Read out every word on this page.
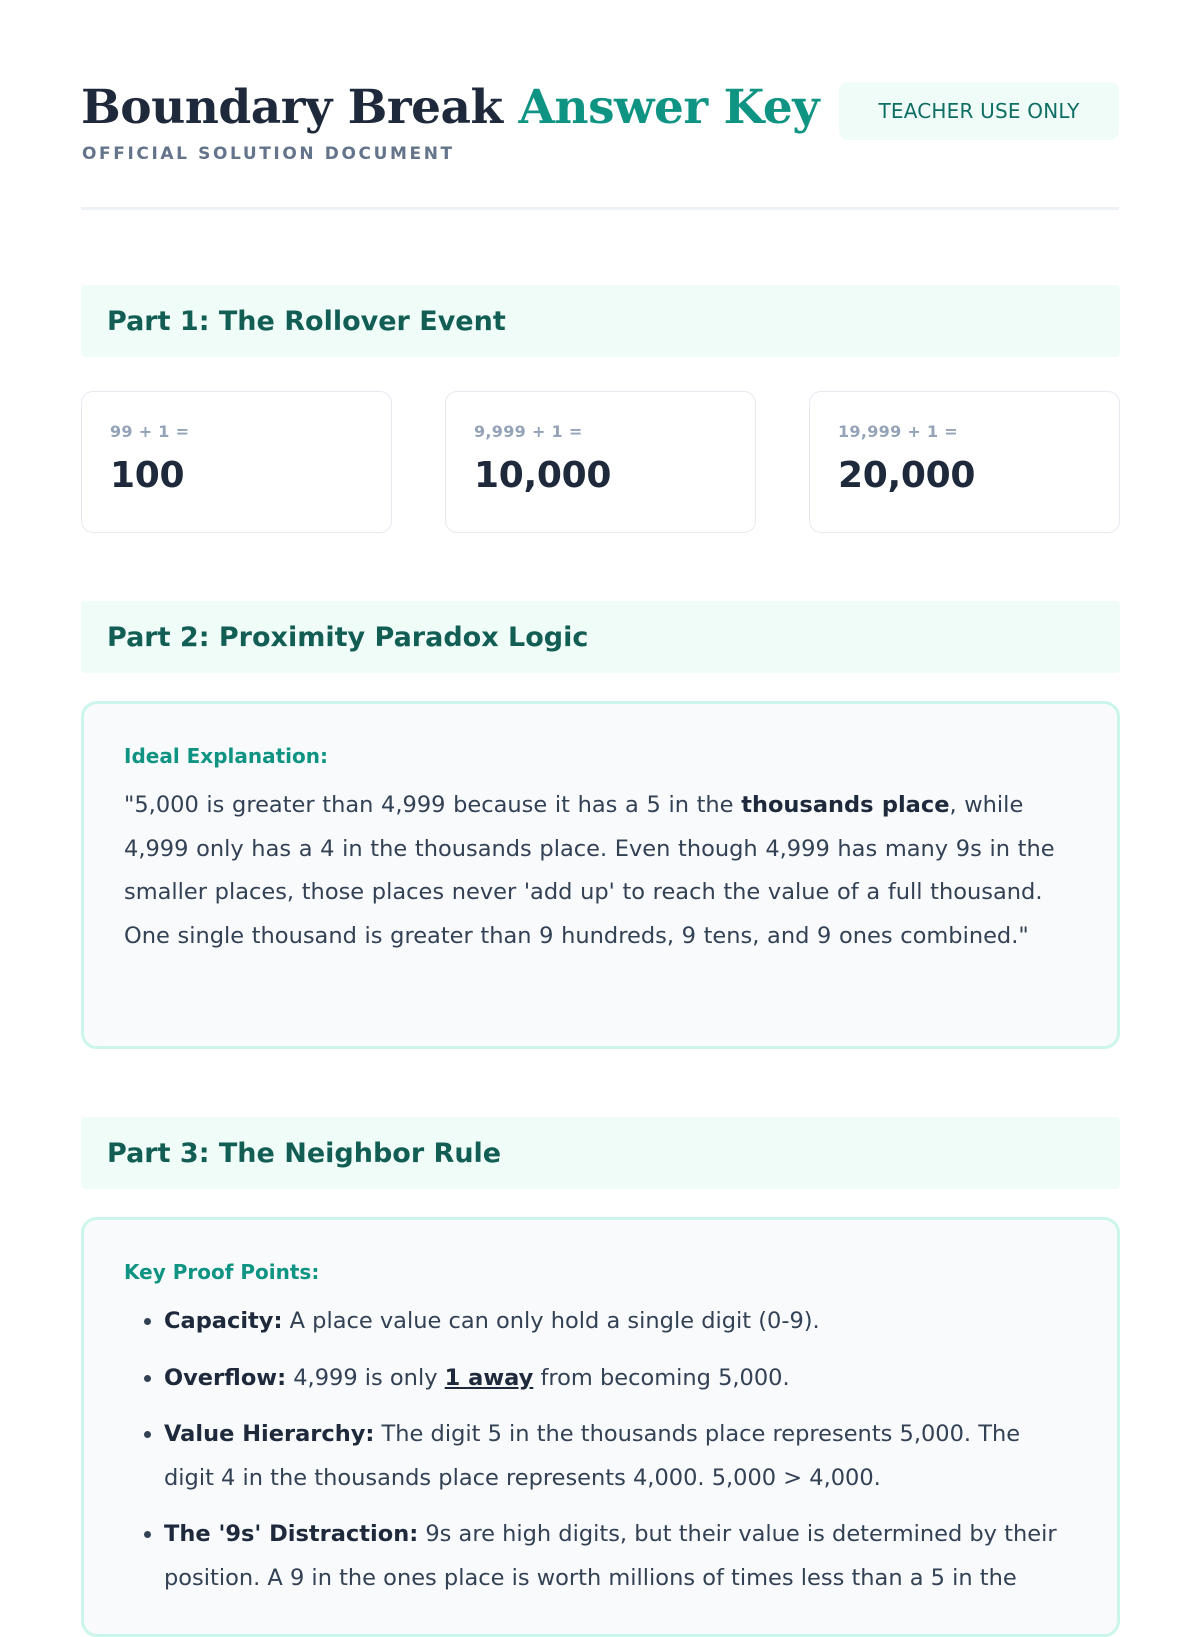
Boundary Break Answer Key
OFFICIAL SOLUTION DOCUMENT
TEACHER USE ONLY
Part 1: The Rollover Event
99 + 1 =
100
9,999 + 1 =
10,000
19,999 + 1 =
20,000
Part 2: Proximity Paradox Logic
Ideal Explanation:

"5,000 is greater than 4,999 because it has a 5 in the thousands place, while 4,999 only has a 4 in the thousands place. Even though 4,999 has many 9s in the smaller places, those places never 'add up' to reach the value of a full thousand. One single thousand is greater than 9 hundreds, 9 tens, and 9 ones combined."

Part 3: The Neighbor Rule
Key Proof Points:
• Capacity: A place value can only hold a single digit (0-9).
• Overflow: 4,999 is only 1 away from becoming 5,000.
• Value Hierarchy: The digit 5 in the thousands place represents 5,000. The digit 4 in the thousands place represents 4,000. 5,000 > 4,000.
• The '9s' Distraction: 9s are high digits, but their value is determined by their position. A 9 in the ones place is worth millions of times less than a 5 in the
